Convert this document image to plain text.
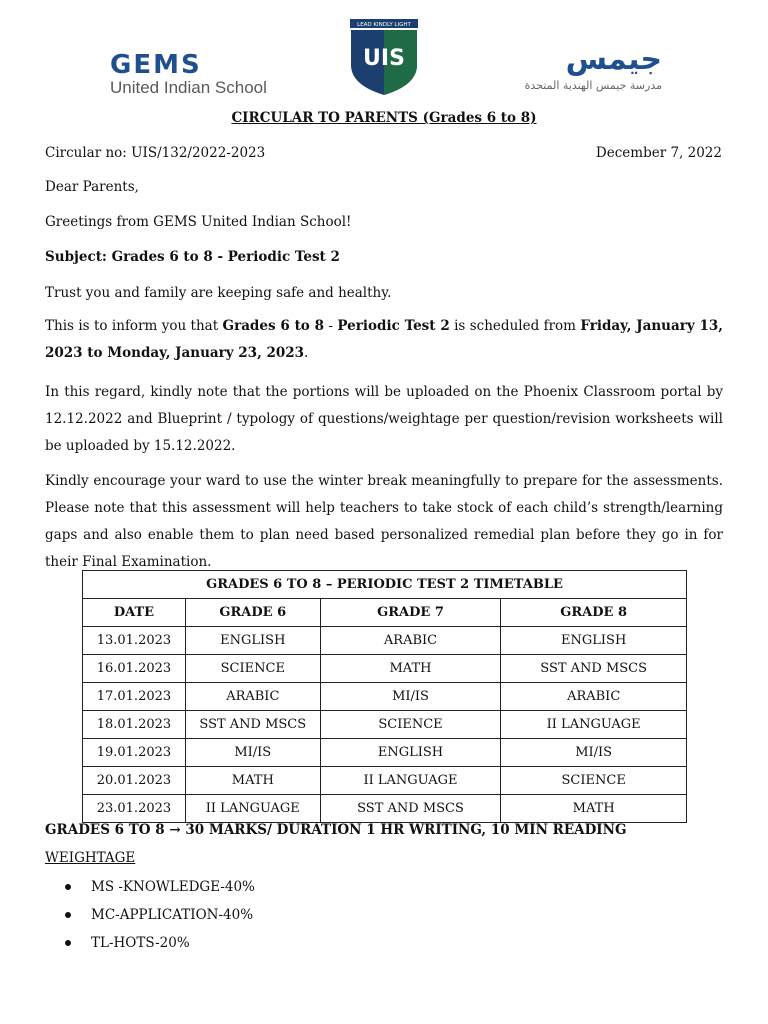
GEMS
United Indian School
LEAD KINDLY LIGHT
UIS	جيمس
مدرسة جيمس الهندية المتحدة
CIRCULAR TO PARENTS (Grades 6 to 8)
Circular no: UIS/132/2022-2023	December 7, 2022
Dear Parents,
Greetings from GEMS United Indian School!
Subject: Grades 6 to 8 - Periodic Test 2
Trust you and family are keeping safe and healthy.

This is to inform you that Grades 6 to 8 - Periodic Test 2 is scheduled from Friday, January 13, 2023 to Monday, January 23, 2023.

In this regard, kindly note that the portions will be uploaded on the Phoenix Classroom portal by 12.12.2022 and Blueprint / typology of questions/weightage per question/revision worksheets will be uploaded by 15.12.2022.

Kindly encourage your ward to use the winter break meaningfully to prepare for the assessments. Please note that this assessment will help teachers to take stock of each child’s strength/learning gaps and also enable them to plan need based personalized remedial plan before they go in for their Final Examination.

GRADES 6 TO 8 – PERIODIC TEST 2 TIMETABLE			
DATE	GRADE 6	GRADE 7	GRADE 8
13.01.2023	ENGLISH	ARABIC	ENGLISH
16.01.2023	SCIENCE	MATH	SST AND MSCS
17.01.2023	ARABIC	MI/IS	ARABIC
18.01.2023	SST AND MSCS	SCIENCE	II LANGUAGE
19.01.2023	MI/IS	ENGLISH	MI/IS
20.01.2023	MATH	II LANGUAGE	SCIENCE
23.01.2023	II LANGUAGE	SST AND MSCS	MATH
GRADES 6 TO 8 → 30 MARKS/ DURATION 1 HR WRITING, 10 MIN READING
WEIGHTAGE
MS -KNOWLEDGE-40%
MC-APPLICATION-40%
TL-HOTS-20%
